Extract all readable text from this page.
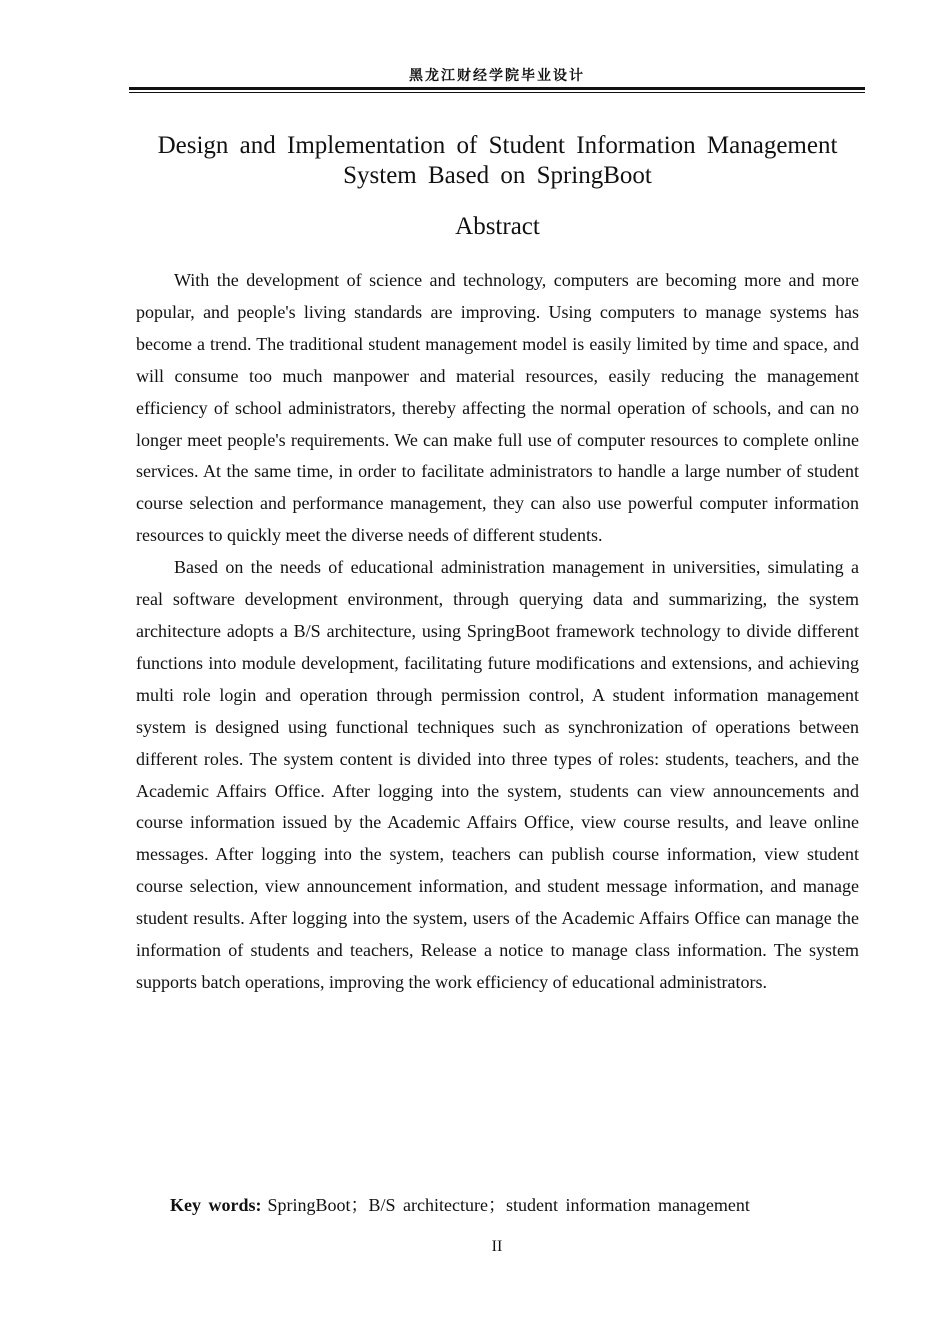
黑龙江财经学院毕业设计
Design and Implementation of Student Information Management System Based on SpringBoot
Abstract

With the development of science and technology, computers are becoming more and more popular, and people's living standards are improving. Using computers to manage systems has become a trend. The traditional student management model is easily limited by time and space, and will consume too much manpower and material resources, easily reducing the management efficiency of school administrators, thereby affecting the normal operation of schools, and can no longer meet people's requirements. We can make full use of computer resources to complete online services. At the same time, in order to facilitate administrators to handle a large number of student course selection and performance management, they can also use powerful computer information resources to quickly meet the diverse needs of different students.

Based on the needs of educational administration management in universities, simulating a real software development environment, through querying data and summarizing, the system architecture adopts a B/S architecture, using SpringBoot framework technology to divide different functions into module development, facilitating future modifications and extensions, and achieving multi role login and operation through permission control, A student information management system is designed using functional techniques such as synchronization of operations between different roles. The system content is divided into three types of roles: students, teachers, and the Academic Affairs Office. After logging into the system, students can view announcements and course information issued by the Academic Affairs Office, view course results, and leave online messages. After logging into the system, teachers can publish course information, view student course selection, view announcement information, and student message information, and manage student results. After logging into the system, users of the Academic Affairs Office can manage the information of students and teachers, Release a notice to manage class information. The system supports batch operations, improving the work efficiency of educational administrators.

Key words: SpringBoot；B/S architecture；student information management
II
